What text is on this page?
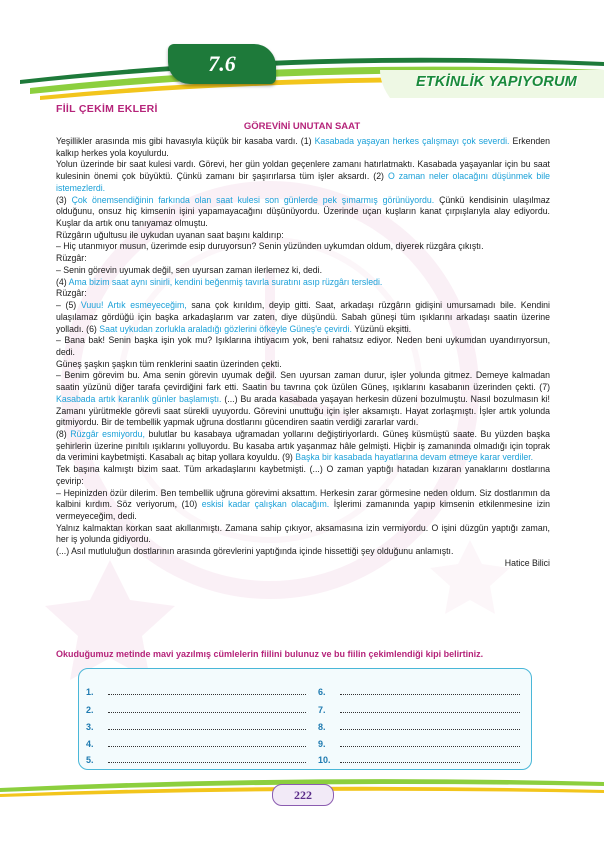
7.6
ETKİNLİK YAPIYORUM
FİİL ÇEKİM EKLERİ
GÖREVİNİ UNUTAN SAAT

Yeşillikler arasında mis gibi havasıyla küçük bir kasaba vardı. (1) Kasabada yaşayan herkes çalışmayı çok severdi. Erkenden kalkıp herkes yola koyulurdu.

Yolun üzerinde bir saat kulesi vardı. Görevi, her gün yoldan geçenlere zamanı hatırlatmaktı. Kasabada yaşayanlar için bu saat kulesinin önemi çok büyüktü. Çünkü zamanı bir şaşırırlarsa tüm işler aksardı. (2) O zaman neler olacağını düşünmek bile istemezlerdi.

(3) Çok önemsendiğinin farkında olan saat kulesi son günlerde pek şımarmış görünüyordu. Çünkü kendisinin ulaşılmaz olduğunu, onsuz hiç kimsenin işini yapamayacağını düşünüyordu. Üzerinde uçan kuşların kanat çırpışlarıyla alay ediyordu. Kuşlar da artık onu tanıyamaz olmuştu.

Rüzgârın uğultusu ile uykudan uyanan saat başını kaldırıp:

– Hiç utanmıyor musun, üzerimde esip duruyorsun? Senin yüzünden uykumdan oldum, diyerek rüzgâra çıkıştı.

Rüzgâr:

– Senin görevin uyumak değil, sen uyursan zaman ilerlemez ki, dedi.

(4) Ama bizim saat aynı sinirli, kendini beğenmiş tavırla suratını asıp rüzgârı tersledi.

Rüzgâr:

– (5) Vuuu! Artık esmeyeceğim, sana çok kırıldım, deyip gitti. Saat, arkadaşı rüzgârın gidişini umursamadı bile. Kendini ulaşılamaz gördüğü için başka arkadaşlarım var zaten, diye düşündü. Sabah güneşi tüm ışıklarını arkadaşı saatin üzerine yolladı. (6) Saat uykudan zorlukla araladığı gözlerini öfkeyle Güneş'e çevirdi. Yüzünü ekşitti.

– Bana bak! Senin başka işin yok mu? Işıklarına ihtiyacım yok, beni rahatsız ediyor. Neden beni uykumdan uyandırıyorsun, dedi.

Güneş şaşkın şaşkın tüm renklerini saatin üzerinden çekti.

– Benim görevim bu. Ama senin görevin uyumak değil. Sen uyursan zaman durur, işler yolunda gitmez. Demeye kalmadan saatin yüzünü diğer tarafa çevirdiğini fark etti. Saatin bu tavrına çok üzülen Güneş, ışıklarını kasabanın üzerinden çekti. (7) Kasabada artık karanlık günler başlamıştı. (...) Bu arada kasabada yaşayan herkesin düzeni bozulmuştu. Nasıl bozulmasın ki! Zamanı yürütmekle görevli saat sürekli uyuyordu. Görevini unuttuğu için işler aksamıştı. Hayat zorlaşmıştı. İşler artık yolunda gitmiyordu. Bir de tembellik yapmak uğruna dostlarını gücendiren saatin verdiği zararlar vardı.

(8) Rüzgâr esmiyordu, bulutlar bu kasabaya uğramadan yollarını değiştiriyorlardı. Güneş küsmüştü saate. Bu yüzden başka şehirlerin üzerine pırıltılı ışıklarını yolluyordu. Bu kasaba artık yaşanmaz hâle gelmişti. Hiçbir iş zamanında olmadığı için toprak da verimini kaybetmişti. Kasabalı aç bitap yollara koyuldu. (9) Başka bir kasabada hayatlarına devam etmeye karar verdiler.

Tek başına kalmıştı bizim saat. Tüm arkadaşlarını kaybetmişti. (...) O zaman yaptığı hatadan kızaran yanaklarını dostlarına çevirip:

– Hepinizden özür dilerim. Ben tembellik uğruna görevimi aksattım. Herkesin zarar görmesine neden oldum. Siz dostlarımın da kalbini kırdım. Söz veriyorum, (10) eskisi kadar çalışkan olacağım. İşlerimi zamanında yapıp kimsenin etkilenmesine izin vermeyeceğim, dedi.

Yalnız kalmaktan korkan saat akıllanmıştı. Zamana sahip çıkıyor, aksamasına izin vermiyordu. O işini düzgün yaptığı zaman, her iş yolunda gidiyordu.

(...) Asıl mutluluğun dostlarının arasında görevlerini yaptığında içinde hissettiği şey olduğunu anlamıştı.

Hatice Bilici

Okuduğumuz metinde mavi yazılmış cümlelerin fiilini bulunuz ve bu fiilin çekimlendiği kipi belirtiniz.
1.
2.
3.
4.
5.
6.
7.
8.
9.
10.
222
